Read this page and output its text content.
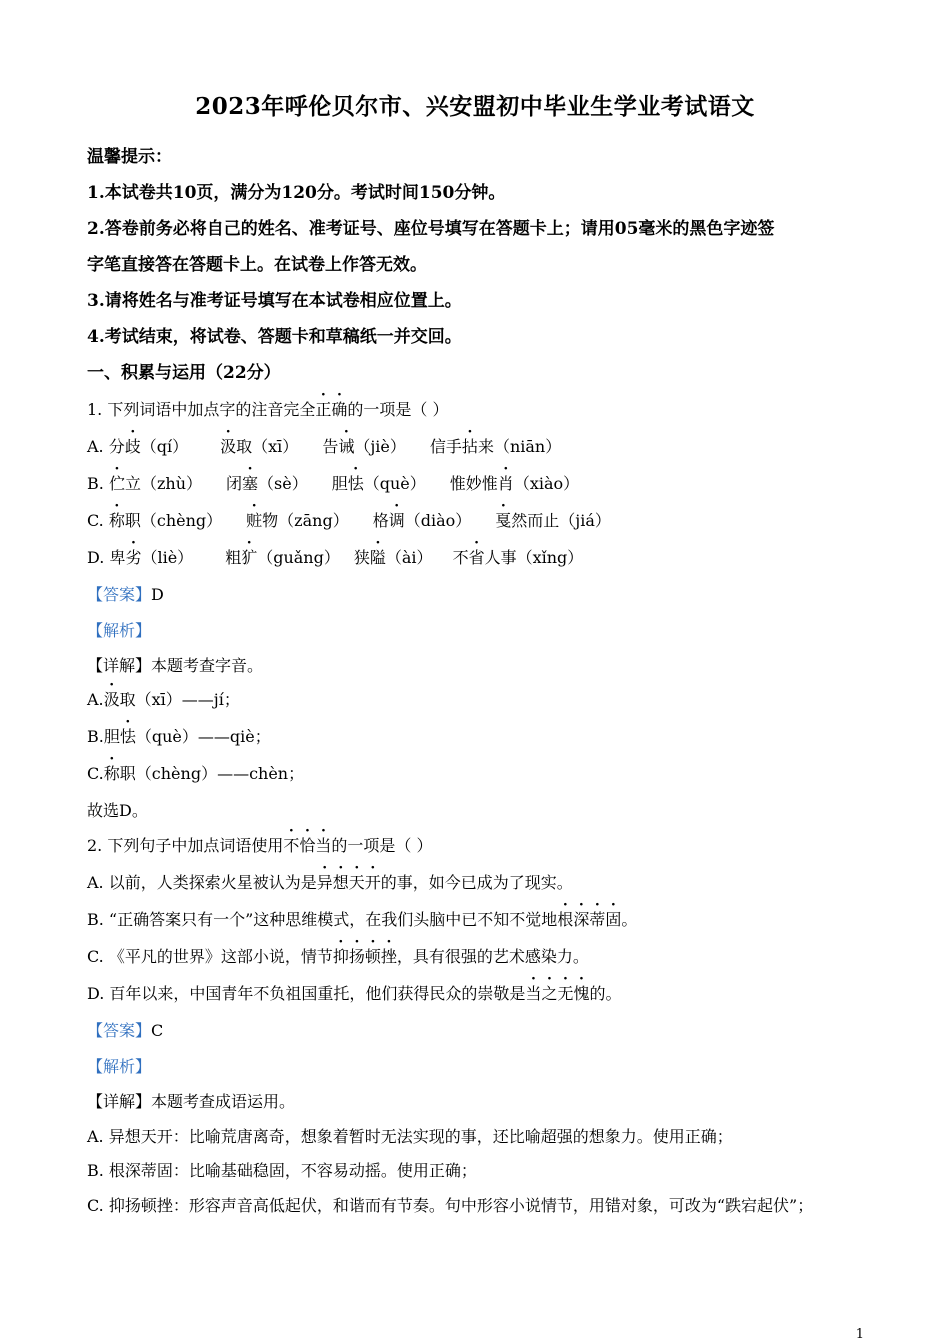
2023年呼伦贝尔市、兴安盟初中毕业生学业考试语文
温馨提示：
1.本试卷共10页，满分为120分。考试时间150分钟。
2.答卷前务必将自己的姓名、准考证号、座位号填写在答题卡上；请用05毫米的黑色字迹签
字笔直接答在答题卡上。在试卷上作答无效。
3.请将姓名与准考证号填写在本试卷相应位置上。
4.考试结束，将试卷、答题卡和草稿纸一并交回。
一、积累与运用（22分）
1. 下列词语中加点字的注音完全正确的一项是（ ）
A. 分歧（qí） 汲取（xī） 告诫（jiè） 信手拈来（niān）
B. 伫立（zhù） 闭塞（sè） 胆怯（què） 惟妙惟肖（xiào）
C. 称职（chèng） 赃物（zāng） 格调（diào） 戛然而止（jiá）
D. 卑劣（liè） 粗犷（guǎng） 狭隘（ài） 不省人事（xǐng）
【答案】D
【解析】
【详解】本题考查字音。
A.汲取（xī）——jí；
B.胆怯（què）——qiè；
C.称职（chèng）——chèn；
故选D。
2. 下列句子中加点词语使用不恰当的一项是（ ）
A. 以前，人类探索火星被认为是异想天开的事，如今已成为了现实。
B. “正确答案只有一个”这种思维模式，在我们头脑中已不知不觉地根深蒂固。
C. 《平凡的世界》这部小说，情节抑扬顿挫，具有很强的艺术感染力。
D. 百年以来，中国青年不负祖国重托，他们获得民众的崇敬是当之无愧的。
【答案】C
【解析】
【详解】本题考查成语运用。
A. 异想天开：比喻荒唐离奇，想象着暂时无法实现的事，还比喻超强的想象力。使用正确；
B. 根深蒂固：比喻基础稳固，不容易动摇。使用正确；
C. 抑扬顿挫：形容声音高低起伏，和谐而有节奏。句中形容小说情节，用错对象，可改为“跌宕起伏”；
1
